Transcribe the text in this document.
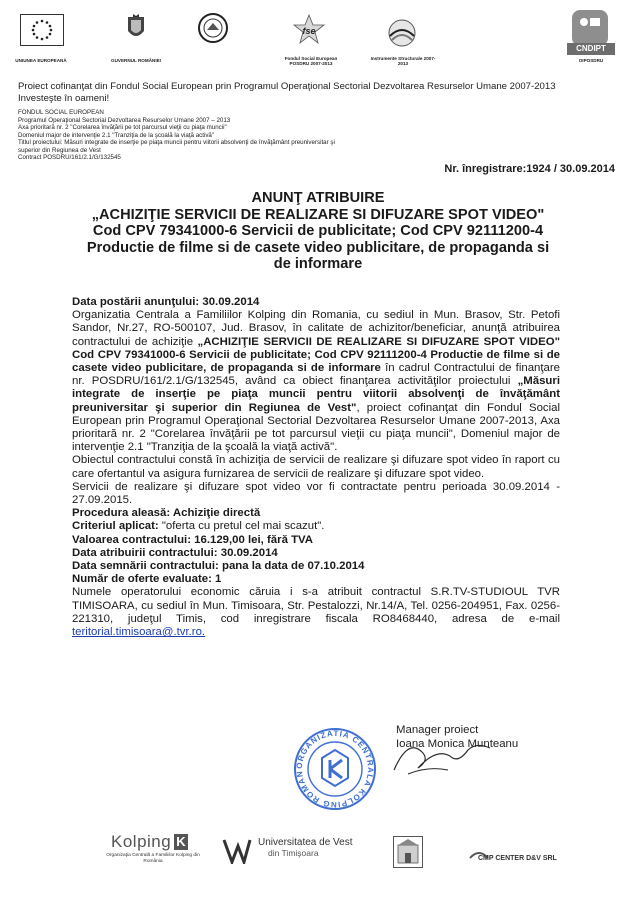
UNIUNEA EUROPEANĂ	GUVERNUL ROMÂNIEI
fse
Fondul Social European POSDRU 2007-2013
Instrumente Structurale 2007-2013
CNDIPT
OIPOSDRU
Proiect cofinanţat din Fondul Social European prin Programul Operaţional Sectorial Dezvoltarea Resurselor Umane 2007-2013
Investeşte în oameni!
FONDUL SOCIAL EUROPEAN
Programul Operaţional Sectorial Dezvoltarea Resurselor Umane 2007 – 2013
Axa prioritară nr. 2 "Corelarea învăţării pe tot parcursul vieţii cu piaţa muncii"
Domeniul major de intervenţie 2.1 "Tranziţia de la şcoală la viaţă activă"
Titlul proiectului: Măsuri integrate de inserţie pe piaţa muncii pentru viitorii absolvenţi de învăţământ preuniversitar şi
superior din Regiunea de Vest
Contract POSDRU/161/2.1/G/132545
Nr. înregistrare:1924 / 30.09.2014
ANUNŢ ATRIBUIRE
„ACHIZIŢIE SERVICII DE REALIZARE SI DIFUZARE SPOT VIDEO"
Cod CPV 79341000-6 Servicii de publicitate; Cod CPV 92111200-4
Productie de filme si de casete video publicitare, de propaganda si
de informare

Data postării anunţului: 30.09.2014

Organizatia Centrala a Familiilor Kolping din Romania, cu sediul in Mun. Brasov, Str. Petofi Sandor, Nr.27, RO-500107, Jud. Brasov, în calitate de achizitor/beneficiar, anunţă atribuirea contractului de achiziţie „ACHIZIŢIE SERVICII DE REALIZARE SI DIFUZARE SPOT VIDEO" Cod CPV 79341000-6 Servicii de publicitate; Cod CPV 92111200-4 Productie de filme si de casete video publicitare, de propaganda si de informare în cadrul Contractului de finanţare nr. POSDRU/161/2.1/G/132545, având ca obiect finanţarea activităţilor proiectului „Măsuri integrate de inserţie pe piaţa muncii pentru viitorii absolvenţi de învăţământ preuniversitar şi superior din Regiunea de Vest", proiect cofinanţat din Fondul Social European prin Programul Operaţional Sectorial Dezvoltarea Resurselor Umane 2007-2013, Axa prioritară nr. 2 "Corelarea învăţării pe tot parcursul vieţii cu piaţa muncii", Domeniul major de intervenţie 2.1 "Tranziţia de la şcoală la viaţă activă".

Obiectul contractului constă în achiziţia de servicii de realizare şi difuzare spot video în raport cu care ofertantul va asigura furnizarea de servicii de realizare şi difuzare spot video.

Servicii de realizare şi difuzare spot video vor fi contractate pentru perioada 30.09.2014 - 27.09.2015.

Procedura aleasă: Achiziţie directă

Criteriul aplicat: "oferta cu pretul cel mai scazut".

Valoarea contractului: 16.129,00 lei, fără TVA

Data atribuirii contractului: 30.09.2014

Data semnării contractului: pana la data de 07.10.2014

Număr de oferte evaluate: 1

Numele operatorului economic căruia i s-a atribuit contractul S.R.TV-STUDIOUL TVR TIMISOARA, cu sediul în Mun. Timisoara, Str. Pestalozzi, Nr.14/A, Tel. 0256-204951, Fax. 0256-221310, judeţul Timis, cod inregistrare fiscala RO8468440, adresa de e-mail teritorial.timisoara@.tvr.ro.

ORGANIZATIA CENTRALA KOLPING ROMAN
Manager proiect
Ioana Monica Munteanu
Kolping K
Organizaţia Centrală a Familiilor Kolping din România
Universitatea de Vest
din Timişoara
CMP CENTER D&V SRL
